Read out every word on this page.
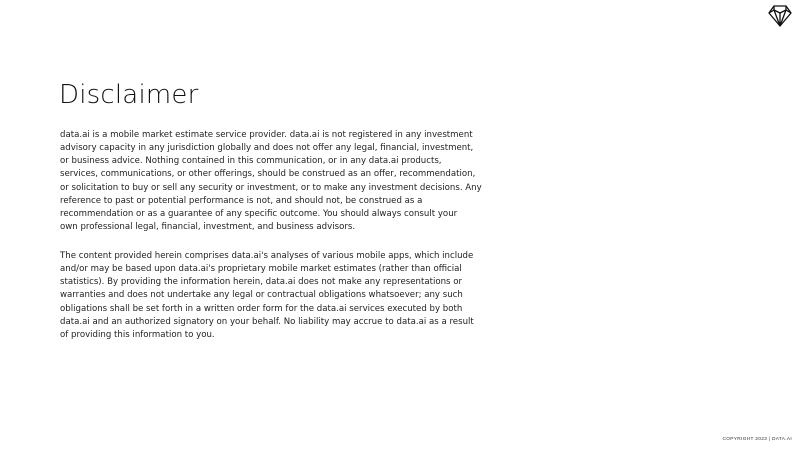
Disclaimer
data.ai is a mobile market estimate service provider. data.ai is not registered in any investment
advisory capacity in any jurisdiction globally and does not offer any legal, financial, investment,
or business advice. Nothing contained in this communication, or in any data.ai products,
services, communications, or other offerings, should be construed as an offer, recommendation,
or solicitation to buy or sell any security or investment, or to make any investment decisions. Any
reference to past or potential performance is not, and should not, be construed as a
recommendation or as a guarantee of any specific outcome. You should always consult your
own professional legal, financial, investment, and business advisors.
The content provided herein comprises data.ai's analyses of various mobile apps, which include
and/or may be based upon data.ai's proprietary mobile market estimates (rather than official
statistics). By providing the information herein, data.ai does not make any representations or
warranties and does not undertake any legal or contractual obligations whatsoever; any such
obligations shall be set forth in a written order form for the data.ai services executed by both
data.ai and an authorized signatory on your behalf. No liability may accrue to data.ai as a result
of providing this information to you.
COPYRIGHT 2023 | DATA.AI
